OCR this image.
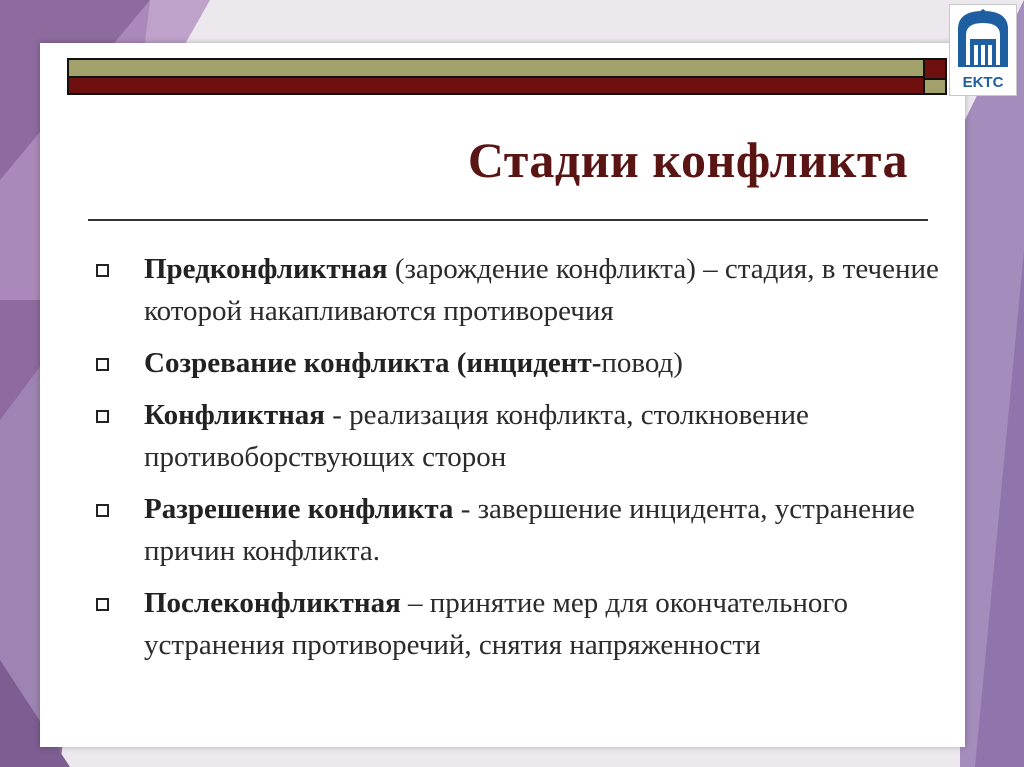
Стадии конфликта
Предконфликтная (зарождение конфликта) – стадия, в течение которой накапливаются противоречия
Созревание конфликта (инцидент-повод)
Конфликтная - реализация конфликта, столкновение противоборствующих сторон
Разрешение конфликта - завершение инцидента, устранение причин конфликта.
Послеконфликтная – принятие мер для окончательного устранения противоречий, снятия напряженности
EKTC
